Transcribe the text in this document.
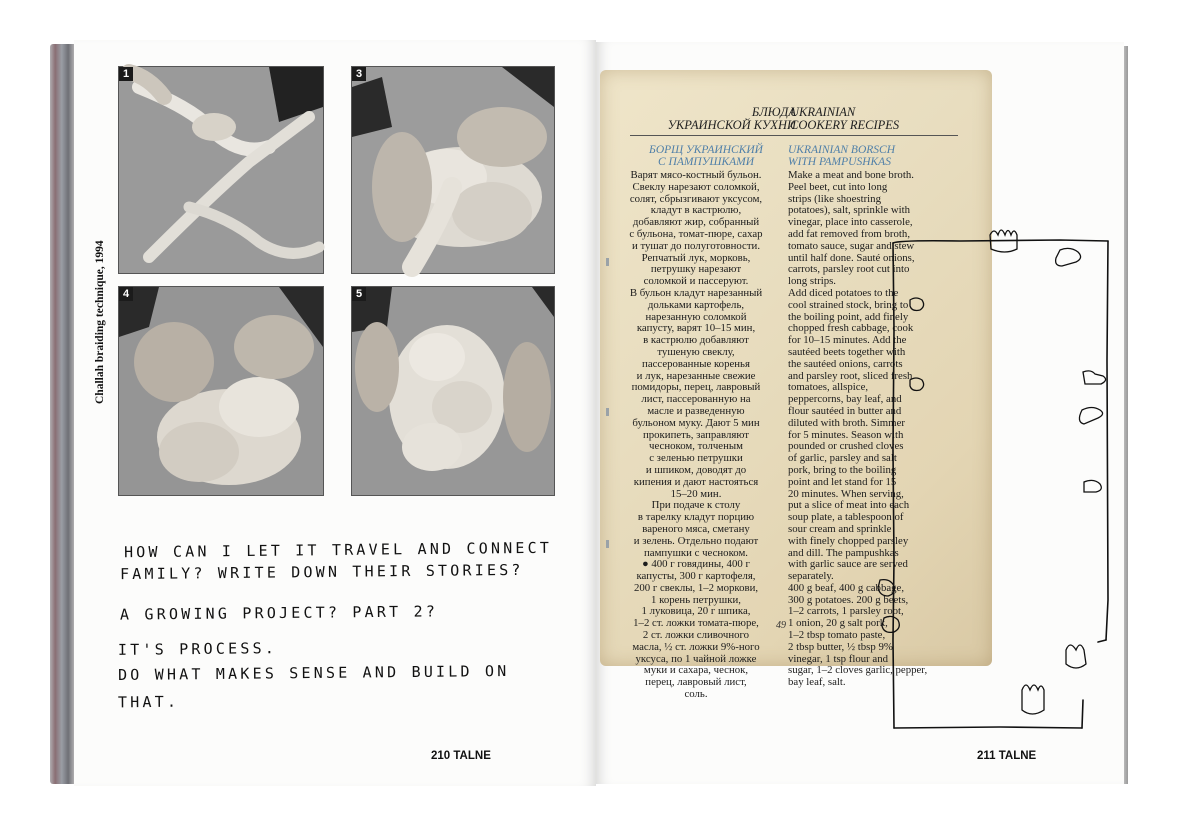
1	3
4	5
Challah braiding technique, 1994
HOW CAN I LET IT TRAVEL AND CONNECT
FAMILY? WRITE DOWN THEIR STORIES?
A GROWING PROJECT? PART 2?
IT'S PROCESS.
DO WHAT MAKES SENSE AND BUILD ON
THAT.
210 TALNE
БЛЮДА
УКРАИНСКОЙ КУХНИ
UKRAINIAN
COOKERY RECIPES
БОРЩ УКРАИНСКИЙ
С ПАМПУШКАМИ
UKRAINIAN BORSCH
WITH PAMPUSHKAS
Варят мясо-костный бульон.
Свеклу нарезают соломкой,
солят, сбрызгивают уксусом,
кладут в кастрюлю,
добавляют жир, собранный
с бульона, томат-пюре, сахар
и тушат до полуготовности.
Репчатый лук, морковь,
петрушку нарезают
соломкой и пассеруют.
В бульон кладут нарезанный
дольками картофель,
нарезанную соломкой
капусту, варят 10–15 мин,
в кастрюлю добавляют
тушеную свеклу,
пассерованные коренья
и лук, нарезанные свежие
помидоры, перец, лавровый
лист, пассерованную на
масле и разведенную
бульоном муку. Дают 5 мин
прокипеть, заправляют
чесноком, толченым
с зеленью петрушки
и шпиком, доводят до
кипения и дают настояться
15–20 мин.
При подаче к столу
в тарелку кладут порцию
вареного мяса, сметану
и зелень. Отдельно подают
пампушки с чесноком.
● 400 г говядины, 400 г
капусты, 300 г картофеля,
200 г свеклы, 1–2 моркови,
1 корень петрушки,
1 луковица, 20 г шпика,
1–2 ст. ложки томата-пюре,
2 ст. ложки сливочного
масла, ½ ст. ложки 9%-ного
уксуса, по 1 чайной ложке
муки и сахара, чеснок,
перец, лавровый лист,
соль.
Make a meat and bone broth.
Peel beet, cut into long
strips (like shoestring
potatoes), salt, sprinkle with
vinegar, place into casserole,
add fat removed from broth,
tomato sauce, sugar and stew
until half done. Sauté onions,
carrots, parsley root cut into
long strips.
Add diced potatoes to the
cool strained stock, bring to
the boiling point, add finely
chopped fresh cabbage, cook
for 10–15 minutes. Add the
sautéed beets together with
the sautéed onions, carrots
and parsley root, sliced fresh
tomatoes, allspice,
peppercorns, bay leaf, and
flour sautéed in butter and
diluted with broth. Simmer
for 5 minutes. Season with
pounded or crushed cloves
of garlic, parsley and salt
pork, bring to the boiling
point and let stand for 15
20 minutes. When serving,
put a slice of meat into each
soup plate, a tablespoon of
sour cream and sprinkle
with finely chopped parsley
and dill. The pampushkas
with garlic sauce are served
separately.
400 g beaf, 400 g cabbage,
300 g potatoes. 200 g beets,
1–2 carrots, 1 parsley root,
1 onion, 20 g salt pork,
1–2 tbsp tomato paste,
2 tbsp butter, ½ tbsp 9%
vinegar, 1 tsp flour and
sugar, 1–2 cloves garlic, pepper,
bay leaf, salt.
49
211 TALNE
